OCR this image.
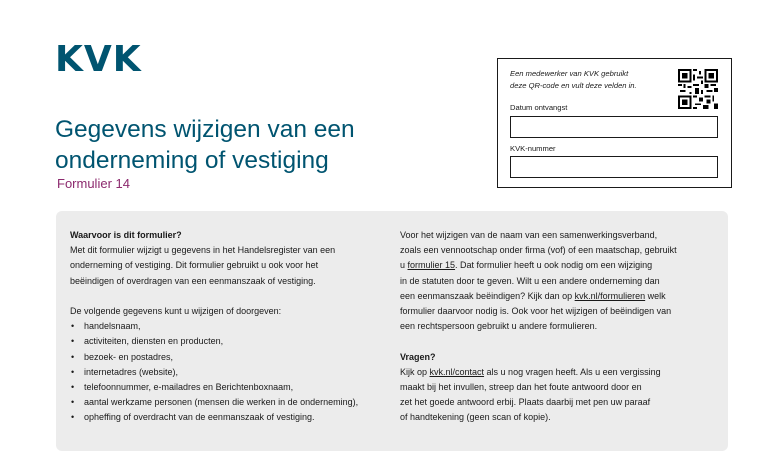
KVK
Gegevens wijzigen van een
onderneming of vestiging
Formulier 14
Een medewerker van KVK gebruikt
deze QR-code en vult deze velden in.
Datum ontvangst
KVK-nummer
Waarvoor is dit formulier?

Met dit formulier wijzigt u gegevens in het Handelsregister van een

onderneming of vestiging. Dit formulier gebruikt u ook voor het

beëindigen of overdragen van een eenmanszaak of vestiging.

De volgende gegevens kunt u wijzigen of doorgeven:

• handelsnaam,
• activiteiten, diensten en producten,
• bezoek- en postadres,
• internetadres (website),
• telefoonnummer, e-mailadres en Berichtenboxnaam,
• aantal werkzame personen (mensen die werken in de onderneming),
• opheffing of overdracht van de eenmanszaak of vestiging.

Voor het wijzigen van de naam van een samenwerkingsverband,

zoals een vennootschap onder firma (vof) of een maatschap, gebruikt

u formulier 15. Dat formulier heeft u ook nodig om een wijziging

in de statuten door te geven. Wilt u een andere onderneming dan

een eenmanszaak beëindigen? Kijk dan op kvk.nl/formulieren welk

formulier daarvoor nodig is. Ook voor het wijzigen of beëindigen van

een rechtspersoon gebruikt u andere formulieren.

Vragen?

Kijk op kvk.nl/contact als u nog vragen heeft. Als u een vergissing

maakt bij het invullen, streep dan het foute antwoord door en

zet het goede antwoord erbij. Plaats daarbij met pen uw paraaf

of handtekening (geen scan of kopie).
